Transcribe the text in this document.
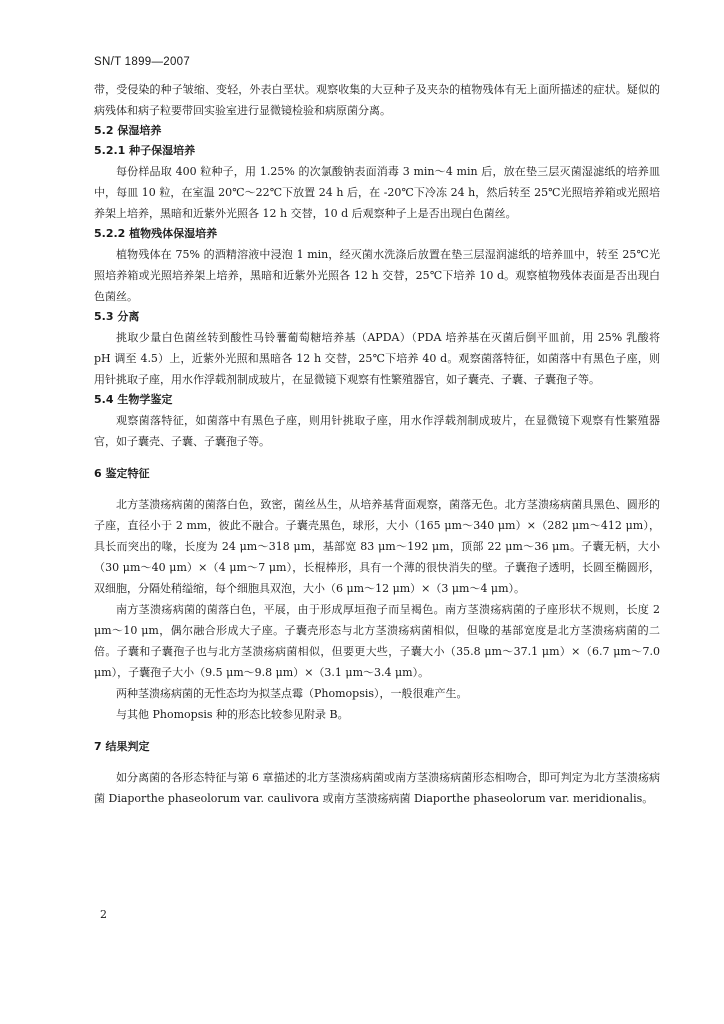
SN/T 1899—2007

带，受侵染的种子皱缩、变轻，外表白垩状。观察收集的大豆种子及夹杂的植物残体有无上面所描述的症状。疑似的病残体和病子粒要带回实验室进行显微镜检验和病原菌分离。

5.2 保湿培养

5.2.1 种子保湿培养

每份样品取 400 粒种子，用 1.25% 的次氯酸钠表面消毒 3 min～4 min 后，放在垫三层灭菌湿滤纸的培养皿中，每皿 10 粒，在室温 20℃～22℃下放置 24 h 后，在 -20℃下冷冻 24 h，然后转至 25℃光照培养箱或光照培养架上培养，黑暗和近紫外光照各 12 h 交替，10 d 后观察种子上是否出现白色菌丝。

5.2.2 植物残体保湿培养

植物残体在 75% 的酒精溶液中浸泡 1 min，经灭菌水洗涤后放置在垫三层湿润滤纸的培养皿中，转至 25℃光照培养箱或光照培养架上培养，黑暗和近紫外光照各 12 h 交替，25℃下培养 10 d。观察植物残体表面是否出现白色菌丝。

5.3 分离

挑取少量白色菌丝转到酸性马铃薯葡萄糖培养基（APDA）（PDA 培养基在灭菌后倒平皿前，用 25% 乳酸将 pH 调至 4.5）上，近紫外光照和黑暗各 12 h 交替，25℃下培养 40 d。观察菌落特征，如菌落中有黑色子座，则用针挑取子座，用水作浮载剂制成玻片，在显微镜下观察有性繁殖器官，如子囊壳、子囊、子囊孢子等。

5.4 生物学鉴定

观察菌落特征，如菌落中有黑色子座，则用针挑取子座，用水作浮载剂制成玻片，在显微镜下观察有性繁殖器官，如子囊壳、子囊、子囊孢子等。

6 鉴定特征

北方茎溃疡病菌的菌落白色，致密，菌丝丛生，从培养基背面观察，菌落无色。北方茎溃疡病菌具黑色、圆形的子座，直径小于 2 mm，彼此不融合。子囊壳黑色，球形，大小（165 μm～340 μm）×（282 μm～412 μm），具长而突出的喙，长度为 24 μm～318 μm，基部宽 83 μm～192 μm，顶部 22 μm～36 μm。子囊无柄，大小（30 μm～40 μm）×（4 μm～7 μm），长棍棒形，具有一个薄的很快消失的壁。子囊孢子透明，长圆至椭圆形，双细胞，分隔处稍缢缩，每个细胞具双泡，大小（6 μm～12 μm）×（3 μm～4 μm）。

南方茎溃疡病菌的菌落白色，平展，由于形成厚垣孢子而呈褐色。南方茎溃疡病菌的子座形状不规则，长度 2 μm～10 μm，偶尔融合形成大子座。子囊壳形态与北方茎溃疡病菌相似，但喙的基部宽度是北方茎溃疡病菌的二倍。子囊和子囊孢子也与北方茎溃疡病菌相似，但要更大些，子囊大小（35.8 μm～37.1 μm）×（6.7 μm～7.0 μm），子囊孢子大小（9.5 μm～9.8 μm）×（3.1 μm～3.4 μm）。

两种茎溃疡病菌的无性态均为拟茎点霉（Phomopsis），一般很难产生。

与其他 Phomopsis 种的形态比较参见附录 B。

7 结果判定

如分离菌的各形态特征与第 6 章描述的北方茎溃疡病菌或南方茎溃疡病菌形态相吻合，即可判定为北方茎溃疡病菌 Diaporthe phaseolorum var. caulivora 或南方茎溃疡病菌 Diaporthe phaseolorum var. meridionalis。

2
